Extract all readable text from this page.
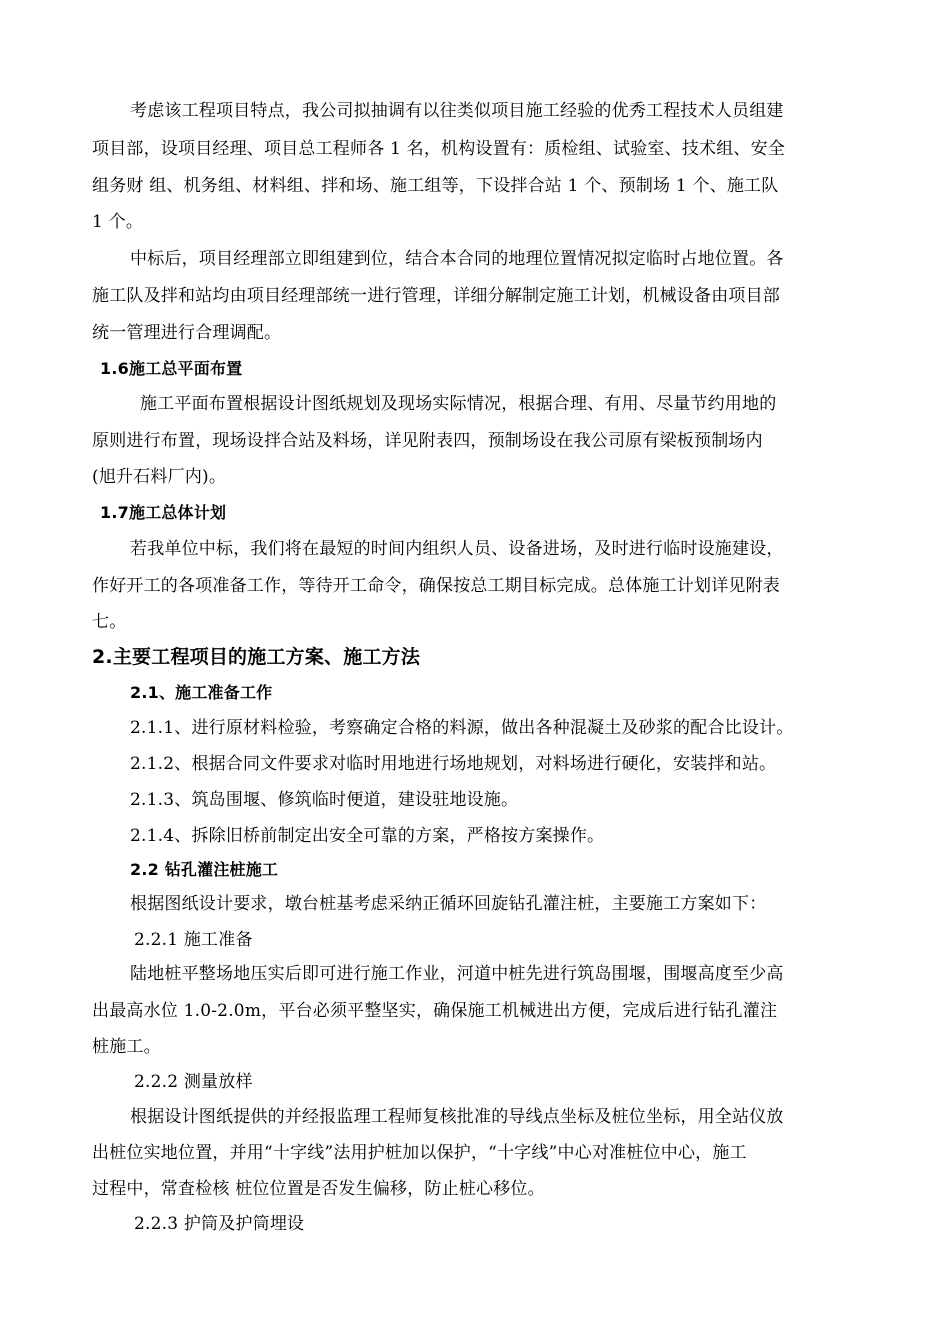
考虑该工程项目特点，我公司拟抽调有以往类似项目施工经验的优秀工程技术人员组建
项目部，设项目经理、项目总工程师各 1 名，机构设置有：质检组、试验室、技术组、安全
组务财 组、机务组、材料组、拌和场、施工组等，下设拌合站 1 个、预制场 1 个、施工队
1 个。
中标后，项目经理部立即组建到位，结合本合同的地理位置情况拟定临时占地位置。各
施工队及拌和站均由项目经理部统一进行管理，详细分解制定施工计划，机械设备由项目部
统一管理进行合理调配。
1.6施工总平面布置
施工平面布置根据设计图纸规划及现场实际情况，根据合理、有用、尽量节约用地的
原则进行布置，现场设拌合站及料场，详见附表四，预制场设在我公司原有梁板预制场内
(旭升石料厂内)。
1.7施工总体计划
若我单位中标，我们将在最短的时间内组织人员、设备进场，及时进行临时设施建设，
作好开工的各项准备工作，等待开工命令，确保按总工期目标完成。总体施工计划详见附表
七。
2.主要工程项目的施工方案、施工方法
2.1、施工准备工作
2.1.1、进行原材料检验，考察确定合格的料源，做出各种混凝土及砂浆的配合比设计。
2.1.2、根据合同文件要求对临时用地进行场地规划，对料场进行硬化，安装拌和站。
2.1.3、筑岛围堰、修筑临时便道，建设驻地设施。
2.1.4、拆除旧桥前制定出安全可靠的方案，严格按方案操作。
2.2 钻孔灌注桩施工
根据图纸设计要求，墩台桩基考虑采纳正循环回旋钻孔灌注桩，主要施工方案如下：
2.2.1 施工准备
陆地桩平整场地压实后即可进行施工作业，河道中桩先进行筑岛围堰，围堰高度至少高
出最高水位 1.0-2.0m，平台必须平整坚实，确保施工机械进出方便，完成后进行钻孔灌注
桩施工。
2.2.2 测量放样
根据设计图纸提供的并经报监理工程师复核批准的导线点坐标及桩位坐标，用全站仪放
出桩位实地位置，并用“十字线”法用护桩加以保护，“十字线”中心对准桩位中心，施工
过程中，常査检核 桩位位置是否发生偏移，防止桩心移位。
2.2.3 护筒及护筒埋设
